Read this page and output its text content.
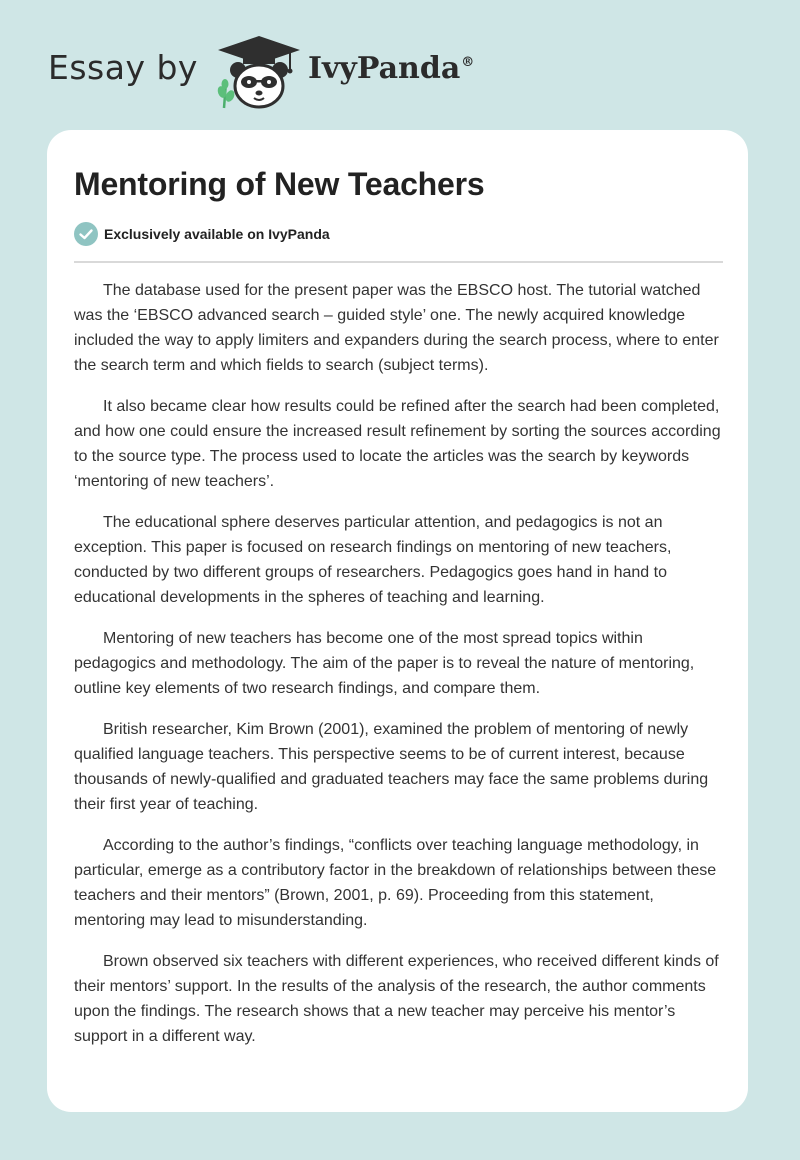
Essay by	IvyPanda®
Mentoring of New Teachers
Exclusively available on IvyPanda

The database used for the present paper was the EBSCO host. The tutorial watched was the ‘EBSCO advanced search – guided style’ one. The newly acquired knowledge included the way to apply limiters and expanders during the search process, where to enter the search term and which fields to search (subject terms).

It also became clear how results could be refined after the search had been completed, and how one could ensure the increased result refinement by sorting the sources according to the source type. The process used to locate the articles was the search by keywords ‘mentoring of new teachers’.

The educational sphere deserves particular attention, and pedagogics is not an exception. This paper is focused on research findings on mentoring of new teachers, conducted by two different groups of researchers. Pedagogics goes hand in hand to educational developments in the spheres of teaching and learning.

Mentoring of new teachers has become one of the most spread topics within pedagogics and methodology. The aim of the paper is to reveal the nature of mentoring, outline key elements of two research findings, and compare them.

British researcher, Kim Brown (2001), examined the problem of mentoring of newly qualified language teachers. This perspective seems to be of current interest, because thousands of newly-qualified and graduated teachers may face the same problems during their first year of teaching.

According to the author’s findings, “conflicts over teaching language methodology, in particular, emerge as a contributory factor in the breakdown of relationships between these teachers and their mentors” (Brown, 2001, p. 69). Proceeding from this statement, mentoring may lead to misunderstanding.

Brown observed six teachers with different experiences, who received different kinds of their mentors’ support. In the results of the analysis of the research, the author comments upon the findings. The research shows that a new teacher may perceive his mentor’s support in a different way.
